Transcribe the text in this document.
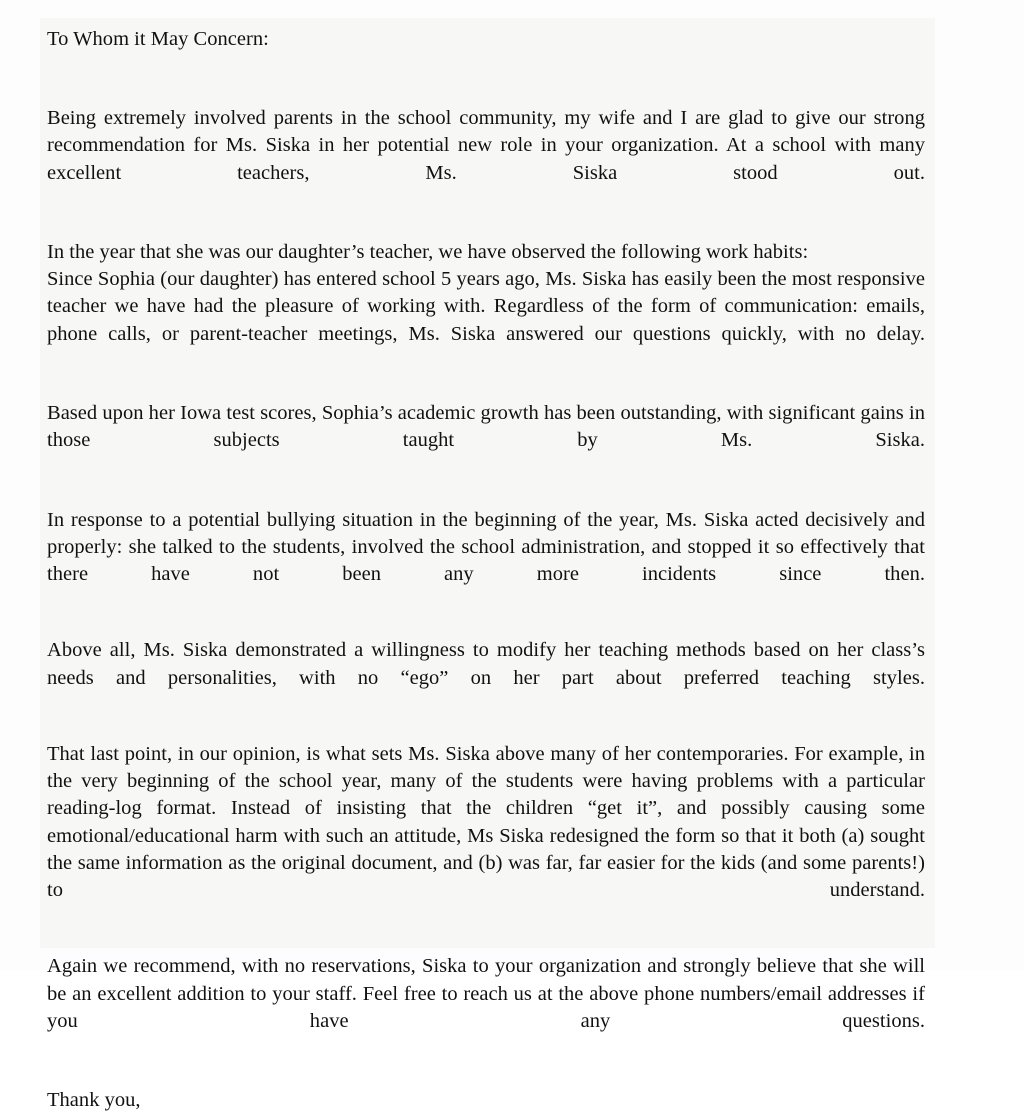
To Whom it May Concern:

Being extremely involved parents in the school community, my wife and I are glad to give our strong recommendation for Ms. Siska in her potential new role in your organization. At a school with many excellent teachers, Ms. Siska stood out.

In the year that she was our daughter’s teacher, we have observed the following work habits:

Since Sophia (our daughter) has entered school 5 years ago, Ms. Siska has easily been the most responsive teacher we have had the pleasure of working with. Regardless of the form of communication: emails, phone calls, or parent-teacher meetings, Ms. Siska answered our questions quickly, with no delay.

Based upon her Iowa test scores, Sophia’s academic growth has been outstanding, with significant gains in those subjects taught by Ms. Siska.

In response to a potential bullying situation in the beginning of the year, Ms. Siska acted decisively and properly: she talked to the students, involved the school administration, and stopped it so effectively that there have not been any more incidents since then.

Above all, Ms. Siska demonstrated a willingness to modify her teaching methods based on her class’s needs and personalities, with no “ego” on her part about preferred teaching styles.

That last point, in our opinion, is what sets Ms. Siska above many of her contemporaries. For example, in the very beginning of the school year, many of the students were having problems with a particular reading-log format. Instead of insisting that the children “get it”, and possibly causing some emotional/educational harm with such an attitude, Ms Siska redesigned the form so that it both (a) sought the same information as the original document, and (b) was far, far easier for the kids (and some parents!) to understand.

Again we recommend, with no reservations, Siska to your organization and strongly believe that she will be an excellent addition to your staff. Feel free to reach us at the above phone numbers/email addresses if you have any questions.

Thank you,
